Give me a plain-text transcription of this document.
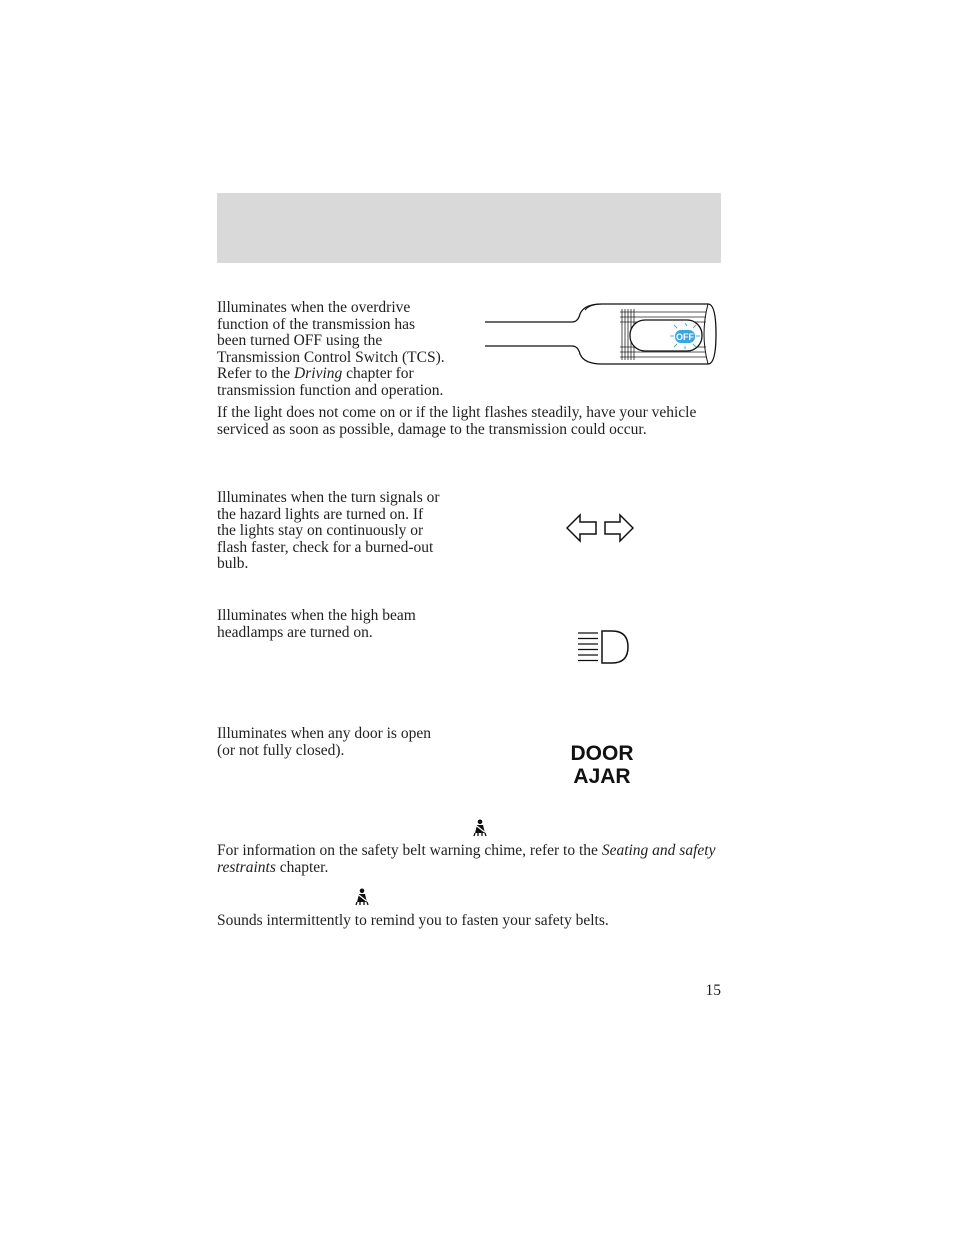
Illuminates when the overdrive
function of the transmission has
been turned OFF using the
Transmission Control Switch (TCS).
Refer to the Driving chapter for
transmission function and operation.

OFF

If the light does not come on or if the light flashes steadily, have your vehicle serviced as soon as possible, damage to the transmission could occur.

Illuminates when the turn signals or
the hazard lights are turned on. If
the lights stay on continuously or
flash faster, check for a burned-out
bulb.

Illuminates when the high beam
headlamps are turned on.

Illuminates when any door is open
(or not fully closed).	DOOR
AJAR

For information on the safety belt warning chime, refer to the Seating and safety restraints chapter.

Sounds intermittently to remind you to fasten your safety belts.

15
